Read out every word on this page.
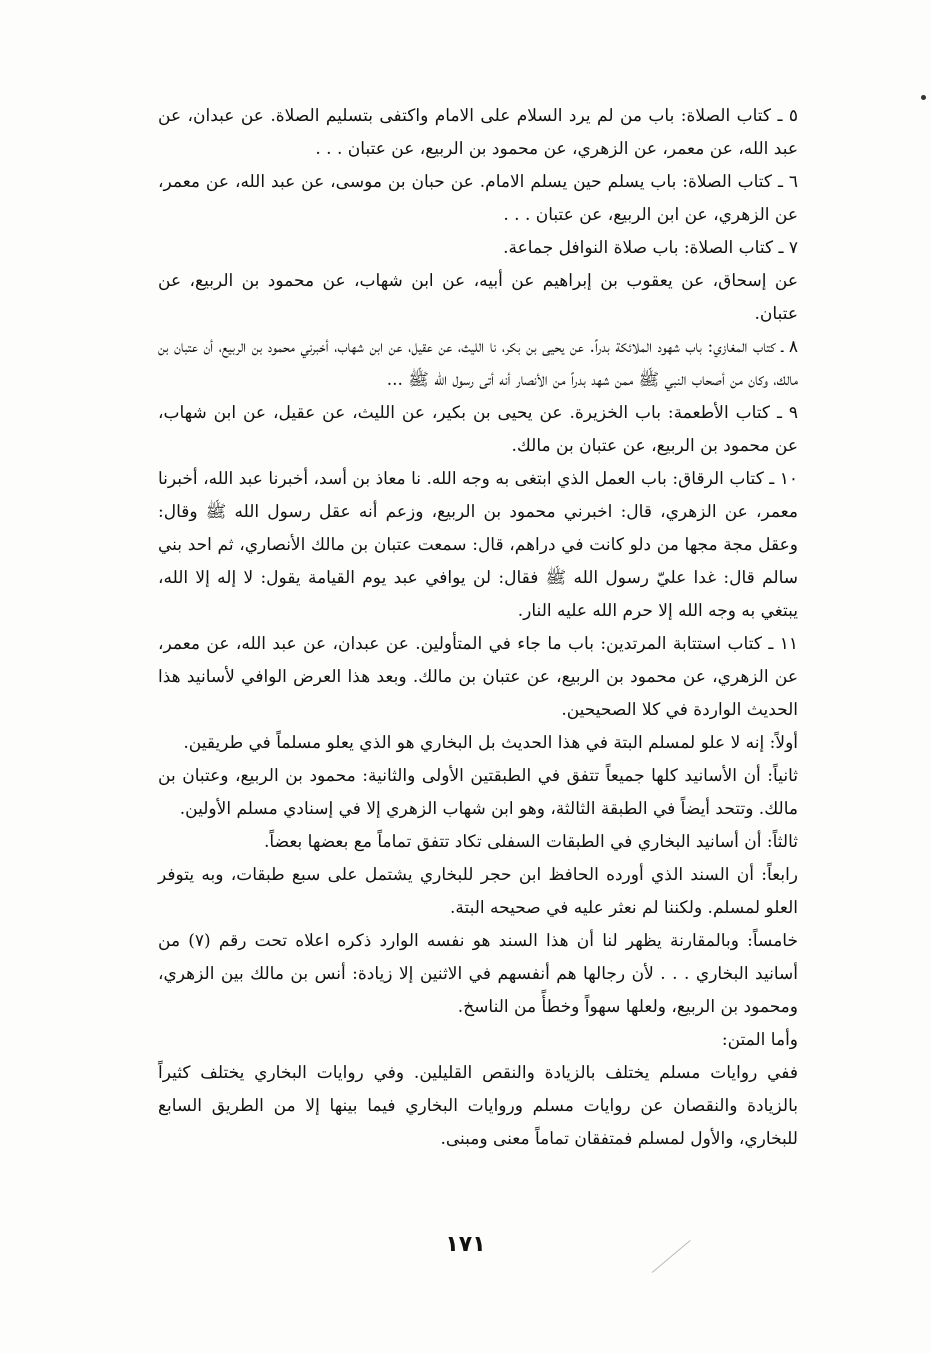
٥ ـ كتاب الصلاة: باب من لم يرد السلام على الامام واكتفى بتسليم الصلاة. عن عبدان، عن عبد الله، عن معمر، عن الزهري، عن محمود بن الربيع، عن عتبان . . .

٦ ـ كتاب الصلاة: باب يسلم حين يسلم الامام. عن حبان بن موسى، عن عبد الله، عن معمر، عن الزهري، عن ابن الربيع، عن عتبان . . .

٧ ـ كتاب الصلاة: باب صلاة النوافل جماعة.

عن إسحاق، عن يعقوب بن إبراهيم عن أبيه، عن ابن شهاب، عن محمود بن الربيع، عن عتبان.

٨ ـ كتاب المغازي: باب شهود الملائكة بدراً. عن يحيى بن بكر، نا الليث، عن عقيل، عن ابن شهاب، أخبرني محمود بن الربيع، أن عتبان بن مالك، وكان من أصحاب النبي ﷺ ممن شهد بدراً من الأنصار أنه أتى رسول الله ﷺ ...

٩ ـ كتاب الأطعمة: باب الخزيرة. عن يحيى بن بكير، عن الليث، عن عقيل، عن ابن شهاب، عن محمود بن الربيع، عن عتبان بن مالك.

١٠ ـ كتاب الرقاق: باب العمل الذي ابتغى به وجه الله. نا معاذ بن أسد، أخبرنا عبد الله، أخبرنا معمر، عن الزهري، قال: اخبرني محمود بن الربيع، وزعم أنه عقل رسول الله ﷺ وقال: وعقل مجة مجها من دلو كانت في دراهم، قال: سمعت عتبان بن مالك الأنصاري، ثم احد بني سالم قال: غدا عليّ رسول الله ﷺ فقال: لن يوافي عبد يوم القيامة يقول: لا إله إلا الله، يبتغي به وجه الله إلا حرم الله عليه النار.

١١ ـ كتاب استتابة المرتدين: باب ما جاء في المتأولين. عن عبدان، عن عبد الله، عن معمر، عن الزهري، عن محمود بن الربيع، عن عتبان بن مالك. وبعد هذا العرض الوافي لأسانيد هذا الحديث الواردة في كلا الصحيحين.

أولاً: إنه لا علو لمسلم البتة في هذا الحديث بل البخاري هو الذي يعلو مسلماً في طريقين.

ثانياً: أن الأسانيد كلها جميعاً تتفق في الطبقتين الأولى والثانية: محمود بن الربيع، وعتبان بن مالك. وتتحد أيضاً في الطبقة الثالثة، وهو ابن شهاب الزهري إلا في إسنادي مسلم الأولين.

ثالثاً: أن أسانيد البخاري في الطبقات السفلى تكاد تتفق تماماً مع بعضها بعضاً.

رابعاً: أن السند الذي أورده الحافظ ابن حجر للبخاري يشتمل على سبع طبقات، وبه يتوفر العلو لمسلم. ولكننا لم نعثر عليه في صحيحه البتة.

خامساً: وبالمقارنة يظهر لنا أن هذا السند هو نفسه الوارد ذكره اعلاه تحت رقم (٧) من أسانيد البخاري . . . لأن رجالها هم أنفسهم في الاثنين إلا زيادة: أنس بن مالك بين الزهري، ومحمود بن الربيع، ولعلها سهواً وخطأً من الناسخ.

وأما المتن:

ففي روايات مسلم يختلف بالزيادة والنقص القليلين. وفي روايات البخاري يختلف كثيراً بالزيادة والنقصان عن روايات مسلم وروايات البخاري فيما بينها إلا من الطريق السابع للبخاري، والأول لمسلم فمتفقان تماماً معنى ومبنى.

١٧١
